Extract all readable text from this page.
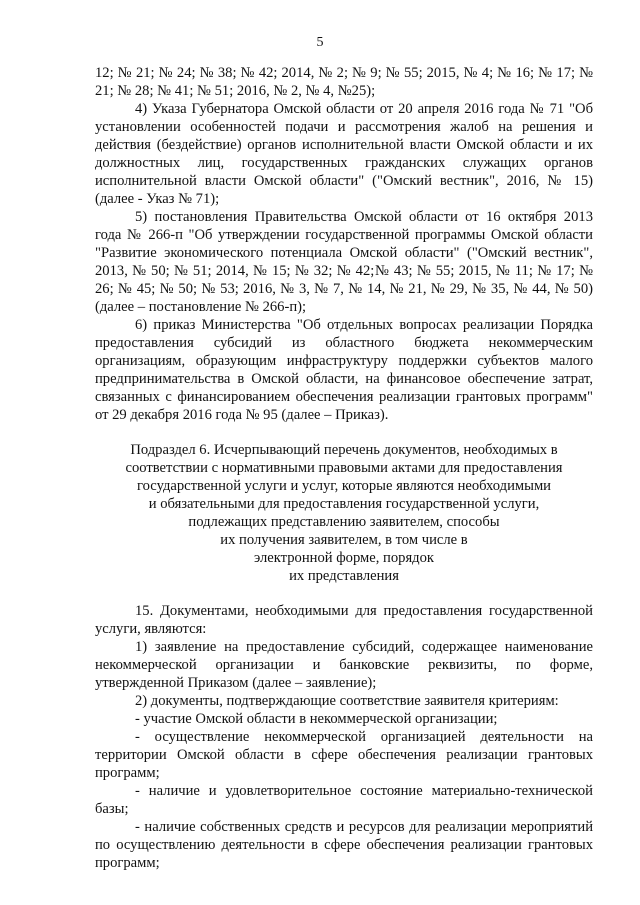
5

12; № 21; № 24; № 38; № 42; 2014, № 2; № 9; № 55; 2015, № 4; № 16; № 17; № 21; № 28; № 41; № 51; 2016, № 2, № 4, №25);

4) Указа Губернатора Омской области от 20 апреля 2016 года № 71 "Об установлении особенностей подачи и рассмотрения жалоб на решения и действия (бездействие) органов исполнительной власти Омской области и их должностных лиц, государственных гражданских служащих органов исполнительной власти Омской области" ("Омский вестник", 2016, № 15) (далее - Указ № 71);

5) постановления Правительства Омской области от 16 октября 2013 года № 266-п "Об утверждении государственной программы Омской области "Развитие экономического потенциала Омской области" ("Омский вестник", 2013, № 50; № 51; 2014, № 15; № 32; № 42;№ 43; № 55; 2015, № 11; № 17; № 26; № 45; № 50; № 53; 2016, № 3, № 7, № 14, № 21, № 29, № 35, № 44, № 50) (далее – постановление № 266-п);

6) приказ Министерства "Об отдельных вопросах реализации Порядка предоставления субсидий из областного бюджета некоммерческим организациям, образующим инфраструктуру поддержки субъектов малого предпринимательства в Омской области, на финансовое обеспечение затрат, связанных с финансированием обеспечения реализации грантовых программ" от 29 декабря 2016 года № 95 (далее – Приказ).

Подраздел 6. Исчерпывающий перечень документов, необходимых в
соответствии с нормативными правовыми актами для предоставления
государственной услуги и услуг, которые являются необходимыми
и обязательными для предоставления государственной услуги,
подлежащих представлению заявителем, способы
их получения заявителем, в том числе в
электронной форме, порядок
их представления

15. Документами, необходимыми для предоставления государственной услуги, являются:

1) заявление на предоставление субсидий, содержащее наименование некоммерческой организации и банковские реквизиты, по форме, утвержденной Приказом (далее – заявление);

2) документы, подтверждающие соответствие заявителя критериям:

- участие Омской области в некоммерческой организации;

- осуществление некоммерческой организацией деятельности на территории Омской области в сфере обеспечения реализации грантовых программ;

- наличие и удовлетворительное состояние материально-технической базы;

- наличие собственных средств и ресурсов для реализации мероприятий по осуществлению деятельности в сфере обеспечения реализации грантовых программ;
